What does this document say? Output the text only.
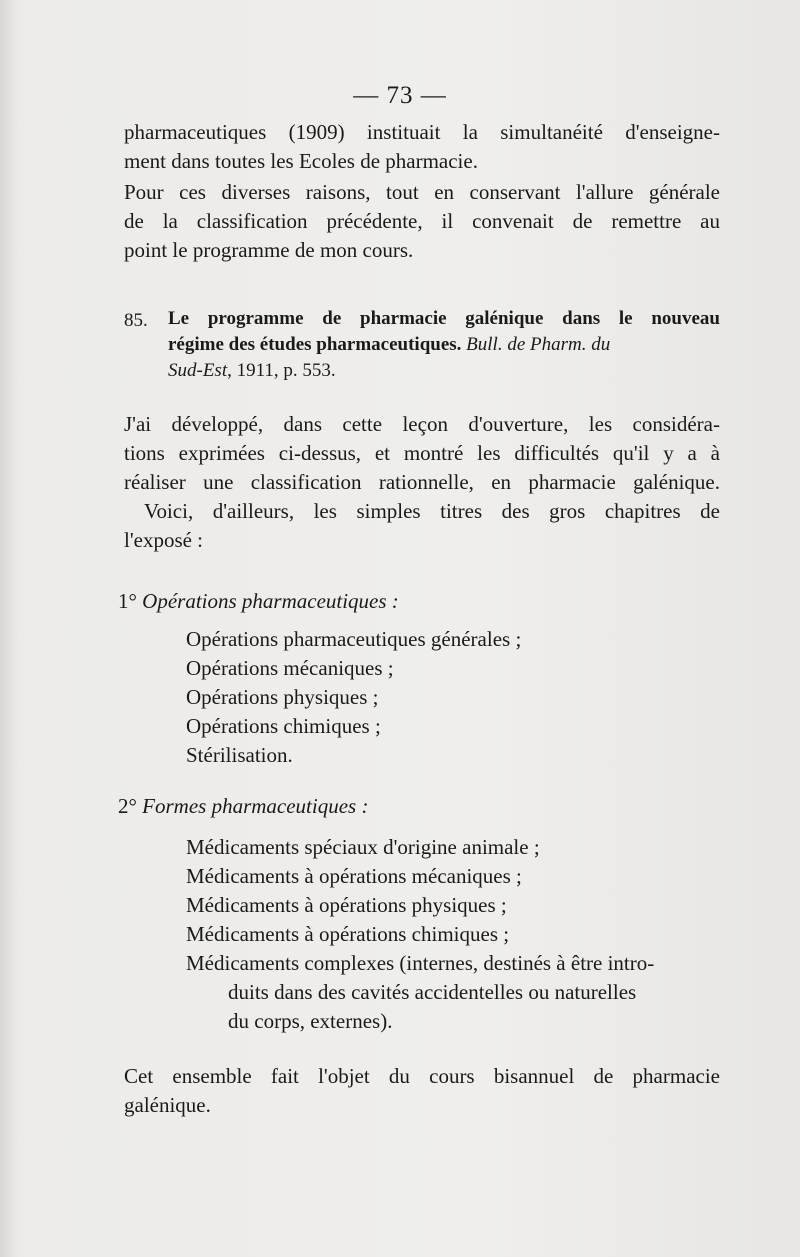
— 73 —
pharmaceutiques (1909) instituait la simultanéité d'enseigne-
ment dans toutes les Ecoles de pharmacie.
Pour ces diverses raisons, tout en conservant l'allure générale
de la classification précédente, il convenait de remettre au
point le programme de mon cours.
85. Le programme de pharmacie galénique dans le nouveau
régime des études pharmaceutiques. Bull. de Pharm. du
Sud-Est, 1911, p. 553.
J'ai développé, dans cette leçon d'ouverture, les considéra-
tions exprimées ci-dessus, et montré les difficultés qu'il y a à
réaliser une classification rationnelle, en pharmacie galénique.
Voici, d'ailleurs, les simples titres des gros chapitres de
l'exposé :
1° Opérations pharmaceutiques :
Opérations pharmaceutiques générales ;
Opérations mécaniques ;
Opérations physiques ;
Opérations chimiques ;
Stérilisation.
2° Formes pharmaceutiques :
Médicaments spéciaux d'origine animale ;
Médicaments à opérations mécaniques ;
Médicaments à opérations physiques ;
Médicaments à opérations chimiques ;
Médicaments complexes (internes, destinés à être intro-
duits dans des cavités accidentelles ou naturelles
du corps, externes).
Cet ensemble fait l'objet du cours bisannuel de pharmacie
galénique.
